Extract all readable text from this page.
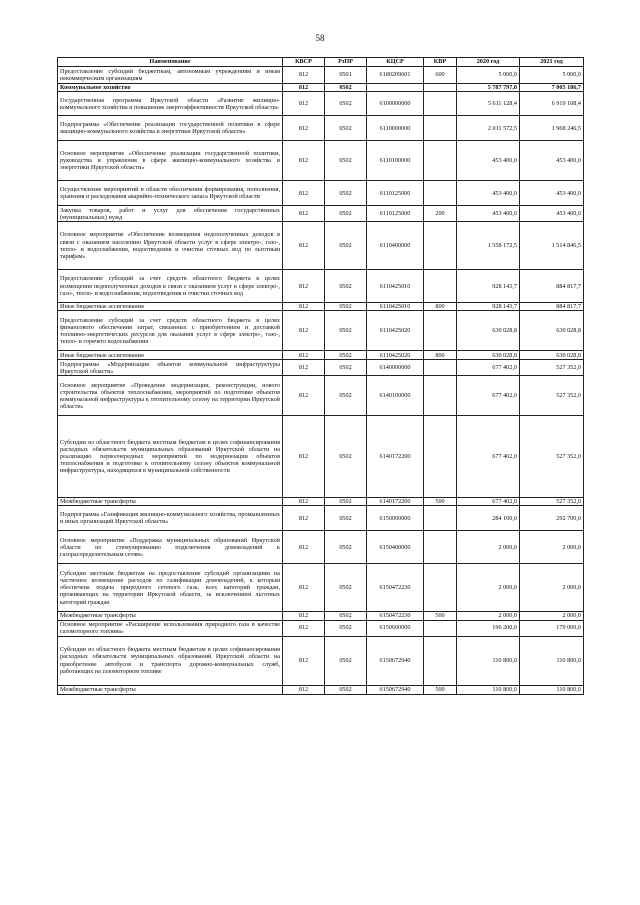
58
Наименование	КВСР	РзПР	КЦСР	КВР	2020 год	2021 год
Предоставление субсидий бюджетным, автономным учреждениям и иным некоммерческим организациям	812	0501	6180209601	600	5 000,0	5 000,0
Коммунальное хозяйство	812	0502			5 787 797,0	7 005 186,7
Государственная программа Иркутской области «Развитие жилищно-коммунального хозяйства и повышение энергоэффективности Иркутской области»	812	0502	6100000000		5 611 128,4	6 919 108,4
Подпрограмма «Обеспечение реализации государственной политики в сфере жилищно-коммунального хозяйства и энергетики Иркутской области»	812	0502	6110000000		2 011 572,5	1 968 246,5
Основное мероприятие «Обеспечение реализации государственной политики, руководства и управления в сфере жилищно-коммунального хозяйства и энергетики Иркутской области»	812	0502	6110100000		453 400,0	453 400,0
Осуществление мероприятий в области обеспечения формирования, пополнения, хранения и расходования аварийно-технического запаса Иркутской области	812	0502	6110125000		453 400,0	453 400,0
Закупка товаров, работ и услуг для обеспечения государственных (муниципальных) нужд	812	0502	6110125000	200	453 400,0	453 400,0
Основное мероприятие «Обеспечение возмещения недополученных доходов в связи с оказанием населению Иркутской области услуг в сфере электро-, газо-, тепло- и водоснабжения, водоотведения и очистки сточных вод по льготным тарифам»	812	0502	6110400000		1 558 172,5	1 514 846,5
Предоставление субсидий за счет средств областного бюджета в целях возмещения недополученных доходов в связи с оказанием услуг в сфере электро-, газо-, тепло- и водоснабжения, водоотведения и очистки сточных вод	812	0502	6110425010		928 143,7	884 817,7
Иные бюджетные ассигнования	812	0502	6110425010	800	928 143,7	884 817,7
Предоставление субсидий за счет средств областного бюджета в целях финансового обеспечения затрат, связанных с приобретением и доставкой топливно-энергетических ресурсов для оказания услуг в сфере электро-, газо-, тепло- и горячего водоснабжения	812	0502	6110425020		630 028,8	630 028,8
Иные бюджетные ассигнования	812	0502	6110425020	800	630 028,8	630 028,8
Подпрограмма «Модернизация объектов коммунальной инфраструктуры Иркутской области»	812	0502	6140000000		677 402,0	527 352,0
Основное мероприятие «Проведение модернизации, реконструкции, нового строительства объектов теплоснабжения, мероприятий по подготовке объектов коммунальной инфраструктуры к отопительному сезону на территории Иркутской области»	812	0502	6140100000		677 402,0	527 352,0
Субсидии из областного бюджета местным бюджетам в целях софинансирования расходных обязательств муниципальных образований Иркутской области на реализацию первоочередных мероприятий по модернизации объектов теплоснабжения и подготовке к отопительному сезону объектов коммунальной инфраструктуры, находящихся в муниципальной собственности	812	0502	6140172200		677 402,0	527 352,0
Межбюджетные трансферты	812	0502	6140172200	500	677 402,0	527 352,0
Подпрограмма «Газификация жилищно-коммунального хозяйства, промышленных и иных организаций Иркутской области»	812	0502	6150000000		284 100,0	292 700,0
Основное мероприятие «Поддержка муниципальных образований Иркутской области по стимулированию подключения домовладений к газораспределительным сетям»	812	0502	6150400000		2 000,0	2 000,0
Субсидии местным бюджетам на предоставление субсидий организациям на частичное возмещение расходов по газификации домовладений, к которым обеспечена подача природного сетевого газа, всех категорий граждан, проживающих на территории Иркутской области, за исключением льготных категорий граждан	812	0502	6150472230		2 000,0	2 000,0
Межбюджетные трансферты	812	0502	6150472230	500	2 000,0	2 000,0
Основное мероприятие «Расширение использования природного газа в качестве газомоторного топлива»	812	0502	6150600000		196 200,0	179 000,0
Субсидии из областного бюджета местным бюджетам в целях софинансирования расходных обязательств муниципальных образований Иркутской области на приобретение автобусов и транспорта дорожно-коммунальных служб, работающих на газомоторном топливе	812	0502	6150672940		110 800,0	110 800,0
Межбюджетные трансферты	812	0502	6150672940	500	110 800,0	110 800,0
